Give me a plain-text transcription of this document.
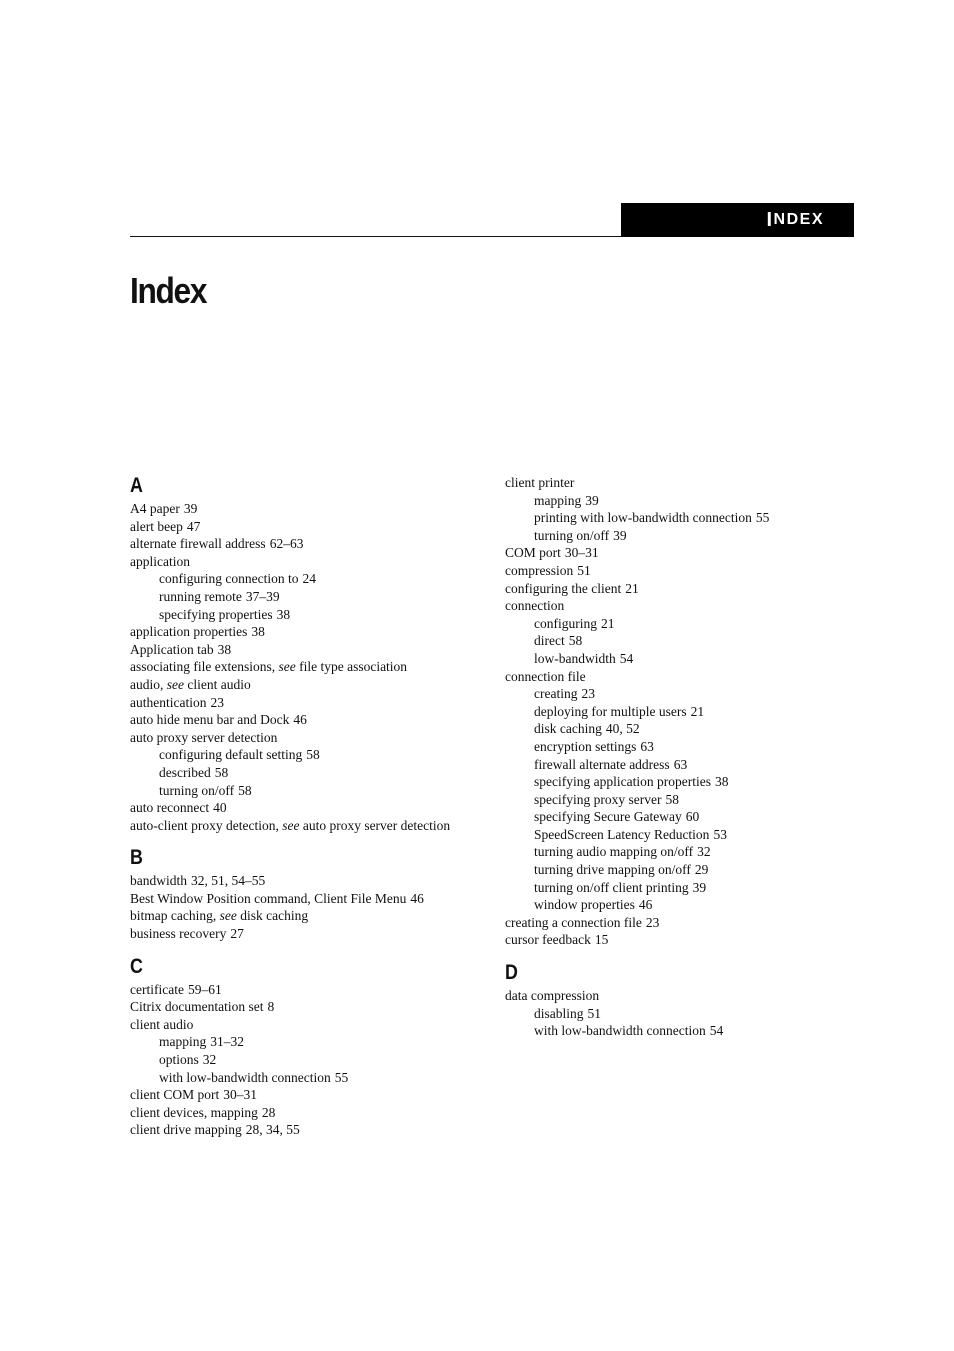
I NDEX
Index
A
A4 paper 39
alert beep 47
alternate firewall address 62–63
application
configuring connection to 24
running remote 37–39
specifying properties 38
application properties 38
Application tab 38
associating file extensions, see file type association
audio, see client audio
authentication 23
auto hide menu bar and Dock 46
auto proxy server detection
configuring default setting 58
described 58
turning on/off 58
auto reconnect 40
auto-client proxy detection, see auto proxy server detection
B
bandwidth 32, 51, 54–55
Best Window Position command, Client File Menu 46
bitmap caching, see disk caching
business recovery 27
C
certificate 59–61
Citrix documentation set 8
client audio
mapping 31–32
options 32
with low-bandwidth connection 55
client COM port 30–31
client devices, mapping 28
client drive mapping 28, 34, 55
client printer
mapping 39
printing with low-bandwidth connection 55
turning on/off 39
COM port 30–31
compression 51
configuring the client 21
connection
configuring 21
direct 58
low-bandwidth 54
connection file
creating 23
deploying for multiple users 21
disk caching 40, 52
encryption settings 63
firewall alternate address 63
specifying application properties 38
specifying proxy server 58
specifying Secure Gateway 60
SpeedScreen Latency Reduction 53
turning audio mapping on/off 32
turning drive mapping on/off 29
turning on/off client printing 39
window properties 46
creating a connection file 23
cursor feedback 15
D
data compression
disabling 51
with low-bandwidth connection 54
